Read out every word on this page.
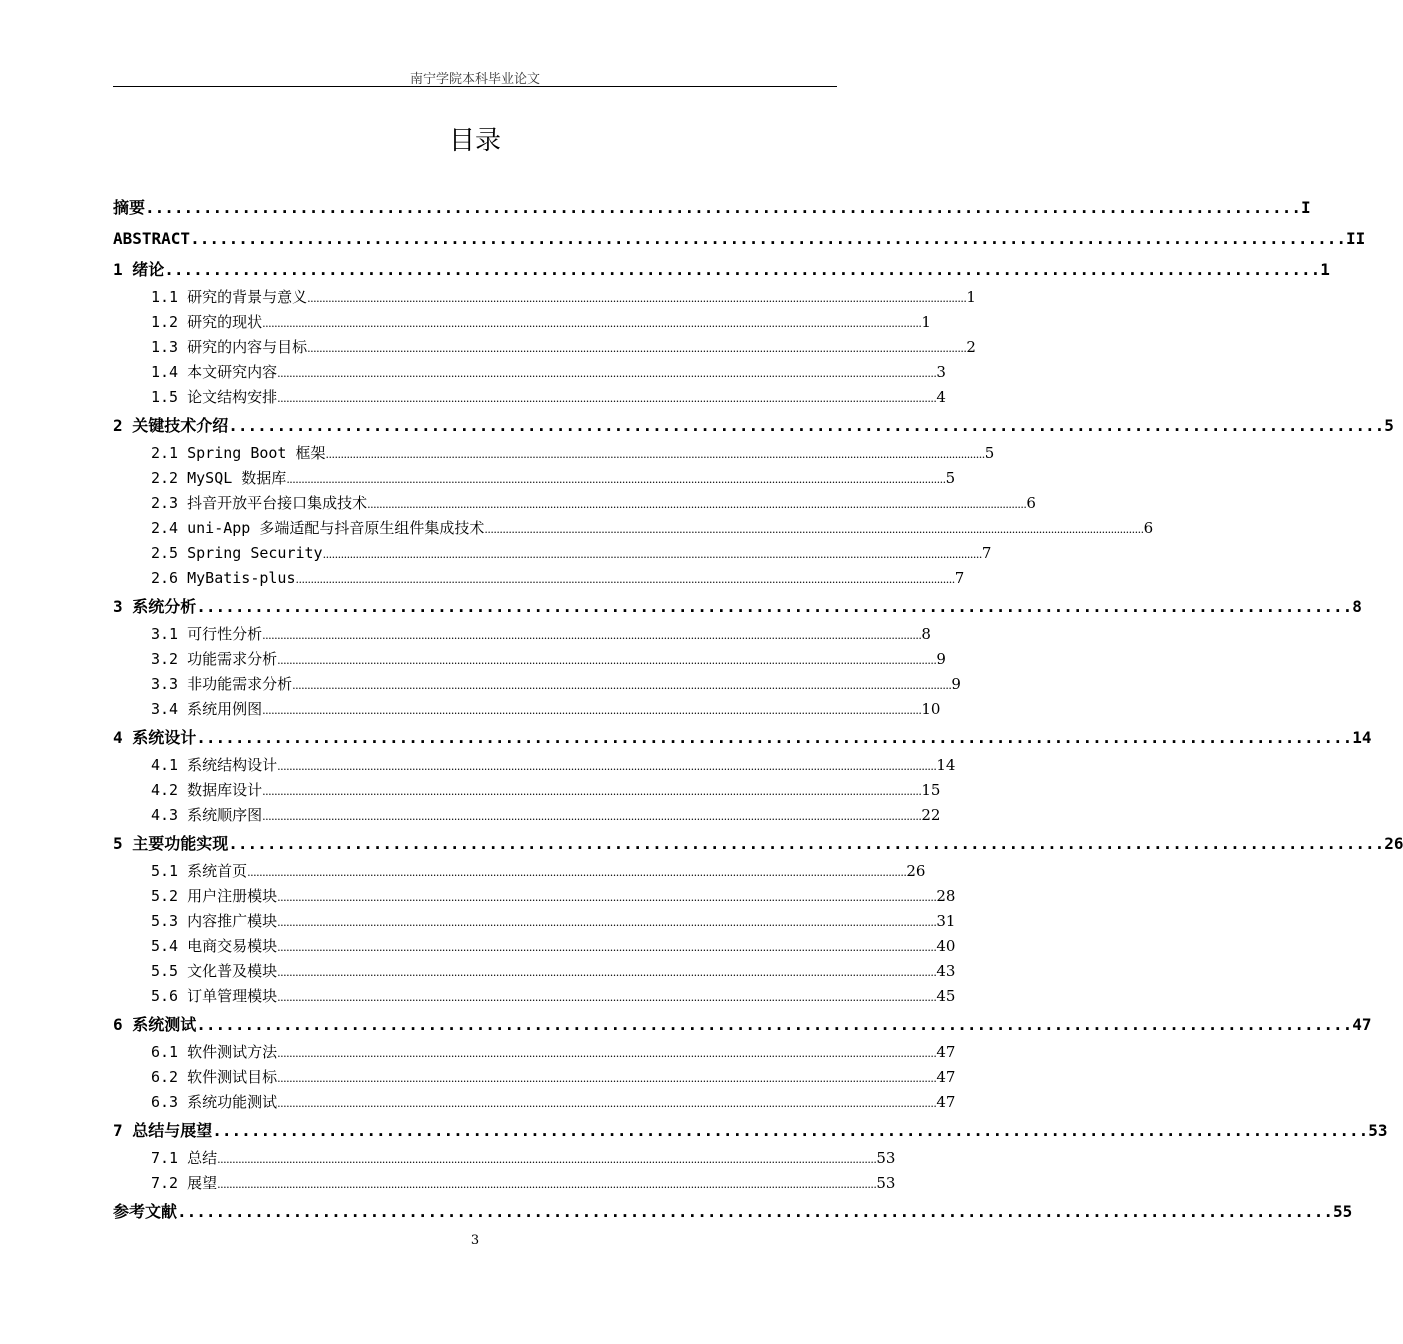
南宁学院本科毕业论文
目录
摘要 ........................................................................................................................ I
ABSTRACT ........................................................................................................................ II
1 绪论 ........................................................................................................................ 1
1.1 研究的背景与意义 ............................................................................................................................................................................................................................ 1
1.2 研究的现状 ............................................................................................................................................................................................................................ 1
1.3 研究的内容与目标 ............................................................................................................................................................................................................................ 2
1.4 本文研究内容 ............................................................................................................................................................................................................................ 3
1.5 论文结构安排 ............................................................................................................................................................................................................................ 4
2 关键技术介绍 ........................................................................................................................ 5
2.1 Spring Boot 框架 ............................................................................................................................................................................................................................ 5
2.2 MySQL 数据库 ............................................................................................................................................................................................................................ 5
2.3 抖音开放平台接口集成技术 ............................................................................................................................................................................................................................ 6
2.4 uni-App 多端适配与抖音原生组件集成技术 ............................................................................................................................................................................................................................ 6
2.5 Spring Security ............................................................................................................................................................................................................................ 7
2.6 MyBatis-plus ............................................................................................................................................................................................................................ 7
3 系统分析 ........................................................................................................................ 8
3.1 可行性分析 ............................................................................................................................................................................................................................ 8
3.2 功能需求分析 ............................................................................................................................................................................................................................ 9
3.3 非功能需求分析 ............................................................................................................................................................................................................................ 9
3.4 系统用例图 ............................................................................................................................................................................................................................ 10
4 系统设计 ........................................................................................................................ 14
4.1 系统结构设计 ............................................................................................................................................................................................................................ 14
4.2 数据库设计 ............................................................................................................................................................................................................................ 15
4.3 系统顺序图 ............................................................................................................................................................................................................................ 22
5 主要功能实现 ........................................................................................................................ 26
5.1 系统首页 ............................................................................................................................................................................................................................ 26
5.2 用户注册模块 ............................................................................................................................................................................................................................ 28
5.3 内容推广模块 ............................................................................................................................................................................................................................ 31
5.4 电商交易模块 ............................................................................................................................................................................................................................ 40
5.5 文化普及模块 ............................................................................................................................................................................................................................ 43
5.6 订单管理模块 ............................................................................................................................................................................................................................ 45
6 系统测试 ........................................................................................................................ 47
6.1 软件测试方法 ............................................................................................................................................................................................................................ 47
6.2 软件测试目标 ............................................................................................................................................................................................................................ 47
6.3 系统功能测试 ............................................................................................................................................................................................................................ 47
7 总结与展望 ........................................................................................................................ 53
7.1 总结 ............................................................................................................................................................................................................................ 53
7.2 展望 ............................................................................................................................................................................................................................ 53
参考文献 ........................................................................................................................ 55
3
